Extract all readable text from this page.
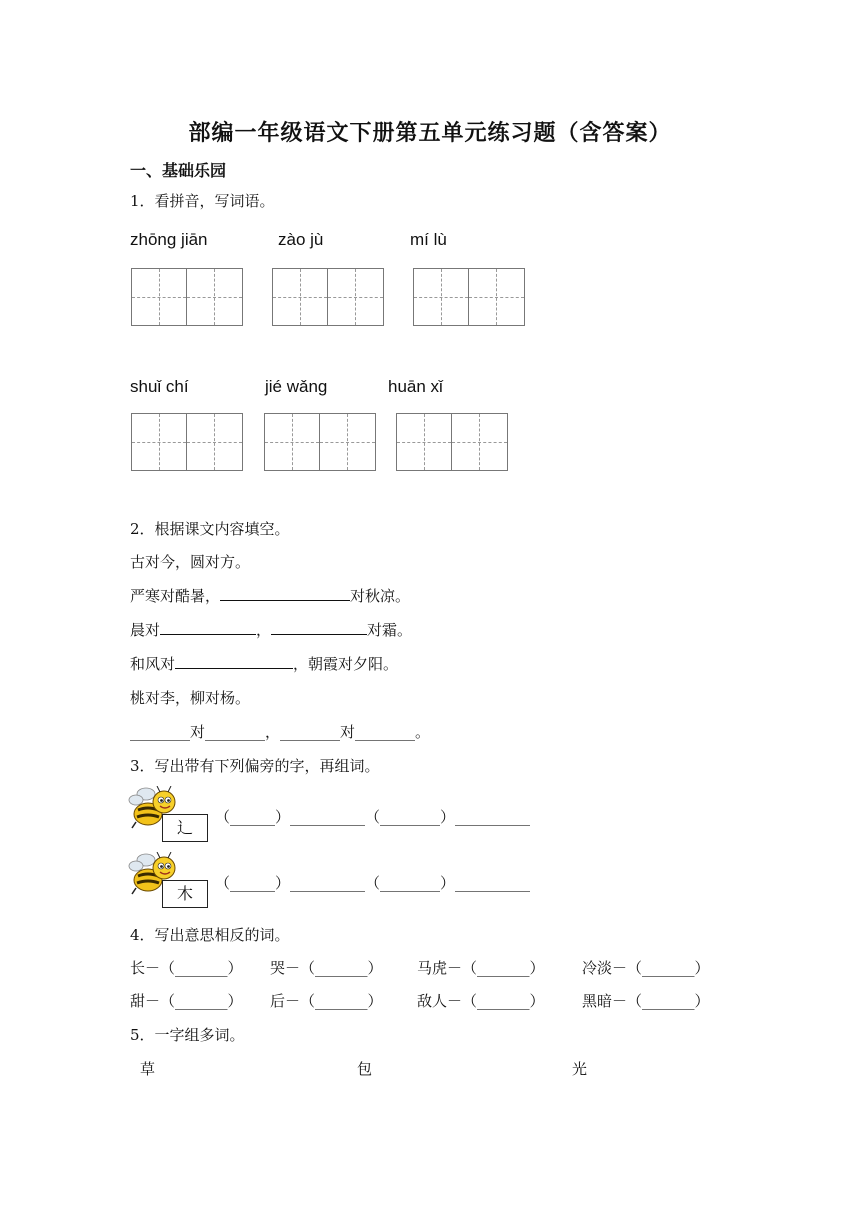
部编一年级语文下册第五单元练习题（含答案）
一、基础乐园
1．看拼音，写词语。
zhōnɡ jiān	zào jù	mí lù
shuǐ chí	jié wǎnɡ	huān xǐ
2．根据课文内容填空。
古对今，圆对方。
严寒对酷暑，	对秋凉。
晨对	，	对霜。
和风对	，朝霞对夕阳。
桃对李，柳对杨。
________对________，________对________。
3．写出带有下列偏旁的字，再组词。
辶
（______）__________（________）__________
木
（______）__________（________）__________
4．写出意思相反的词。
长－（_______） 哭－（_______） 马虎－（_______） 冷淡－（_______）
甜－（_______） 后－（_______） 敌人－（_______） 黑暗－（_______）
5．一字组多词。
草	包	光
